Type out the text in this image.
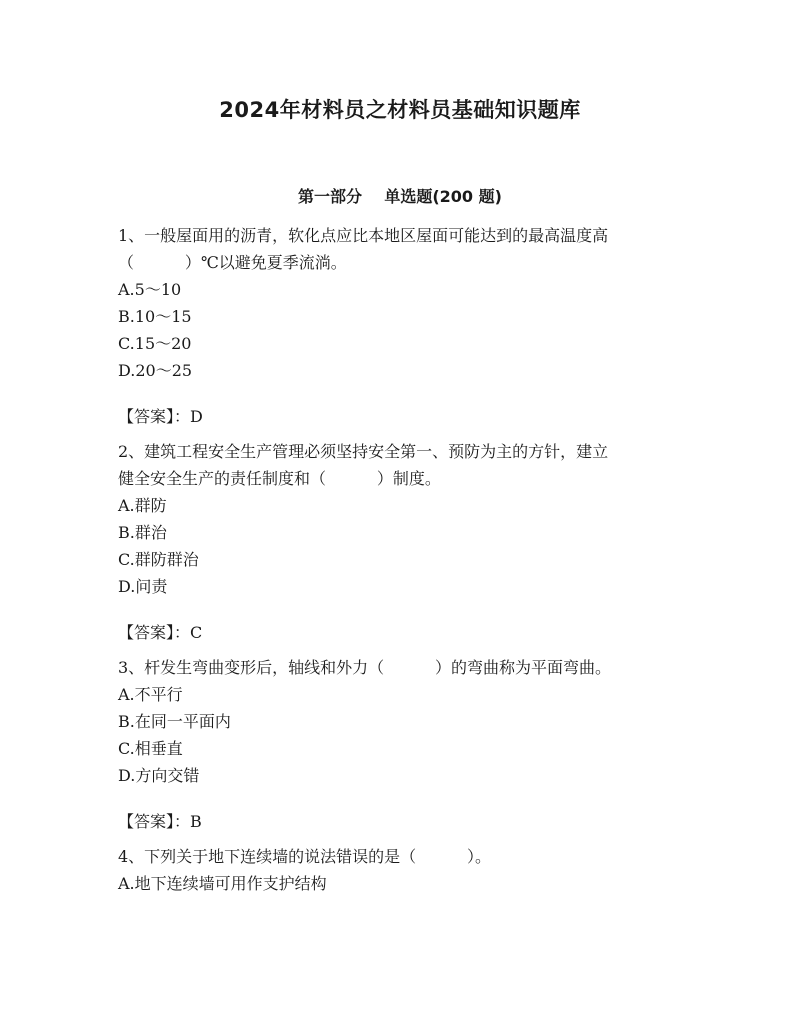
2024年材料员之材料员基础知识题库
第一部分    单选题(200 题)
1、一般屋面用的沥青，软化点应比本地区屋面可能达到的最高温度高
（          ）℃以避免夏季流淌。
A.5～10
B.10～15
C.15～20
D.20～25
【答案】：D
2、建筑工程安全生产管理必须坚持安全第一、预防为主的方针，建立
健全安全生产的责任制度和（          ）制度。
A.群防
B.群治
C.群防群治
D.问责
【答案】：C
3、杆发生弯曲变形后，轴线和外力（          ）的弯曲称为平面弯曲。
A.不平行
B.在同一平面内
C.相垂直
D.方向交错
【答案】：B
4、下列关于地下连续墙的说法错误的是（          ）。
A.地下连续墙可用作支护结构
